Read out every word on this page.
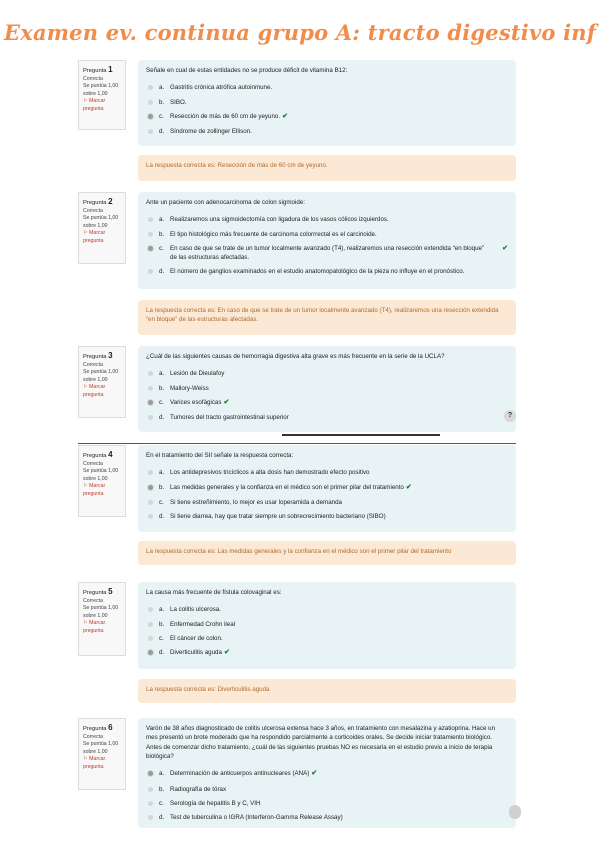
Examen ev. continua grupo A: tracto digestivo inf
Pregunta 1
Correcta
Se puntúa 1,00
sobre 1,00
⚐ Marcar pregunta
Señale en cual de estas entidades no se produce déficit de vitamina B12:
a. Gastritis crónica atrófica autoinmune.
b. SIBO.
c. Resección de más de 60 cm de yeyuno. ✔
d. Síndrome de zollinger Ellison.
La respuesta correcta es: Resección de más de 60 cm de yeyuno.
Pregunta 2
Correcta
Se puntúa 1,00
sobre 1,00
⚐ Marcar pregunta
Ante un paciente con adenocarcinoma de colon sigmoide:
a. Realizaremos una sigmoidectomía con ligadura de los vasos cólicos izquierdos.
b. El tipo histológico más frecuente de carcinoma colorrrectal es el carcinoide.
c. En caso de que se trate de un tumor localmente avanzado (T4), realizaremos una resección extendida “en bloque” de las estructuras afectadas.
✔
d. El número de ganglios examinados en el estudio anatomopatológico de la pieza no influye en el pronóstico.
La respuesta correcta es: En caso de que se trate de un tumor localmente avanzado (T4), realizaremos una resección extendida “en bloque” de las estructuras afectadas.
Pregunta 3
Correcta
Se puntúa 1,00
sobre 1,00
⚐ Marcar pregunta
¿Cuál de las siguientes causas de hemorragia digestiva alta grave es más frecuente en la serie de la UCLA?
a. Lesión de Dieulafoy
b. Mallory-Weiss
c. Varices esofágicas ✔
d. Tumores del tracto gastrointestinal superior	?
Pregunta 4
Correcta
Se puntúa 1,00
sobre 1,00
⚐ Marcar pregunta
En el tratamiento del SII señale la respuesta correcta:
a. Los antidepresivos tricíclicos a alta dosis han demostrado efecto positivo
b. Las medidas generales y la confianza en el médico son el primer pilar del tratamiento ✔
c. Si tiene estreñimiento, lo mejor es usar loperamida a demanda
d. Si tiene diarrea, hay que tratar siempre un sobrecrecimiento bacteriano (SIBO)
La respuesta correcta es: Las medidas generales y la confianza en el médico son el primer pilar del tratamiento
Pregunta 5
Correcta
Se puntúa 1,00
sobre 1,00
⚐ Marcar pregunta
La causa más frecuente de fístula colovaginal es:
a. La colitis ulcerosa.
b. Enfermedad Crohn ileal
c. El cáncer de colon.
d. Diverticulitis aguda ✔
La respuesta correcta es: Diverticulitis aguda
Pregunta 6
Correcta
Se puntúa 1,00
sobre 1,00
⚐ Marcar pregunta
Varón de 38 años diagnosticado de colitis ulcerosa extensa hace 3 años, en tratamiento con mesalazina y azatioprina. Hace un mes presentó un brote moderado que ha respondido parcialmente a corticoides orales. Se decide iniciar tratamiento biológico. Antes de comenzar dicho tratamiento, ¿cuál de las siguientes pruebas NO es necesaria en el estudio previo a inicio de terapia biológica?
a. Determinación de anticuerpos antinucleares (ANA) ✔
b. Radiografía de tórax
c. Serología de hepatitis B y C, VIH
d. Test de tuberculina o IGRA (Interferon-Gamma Release Assay)
